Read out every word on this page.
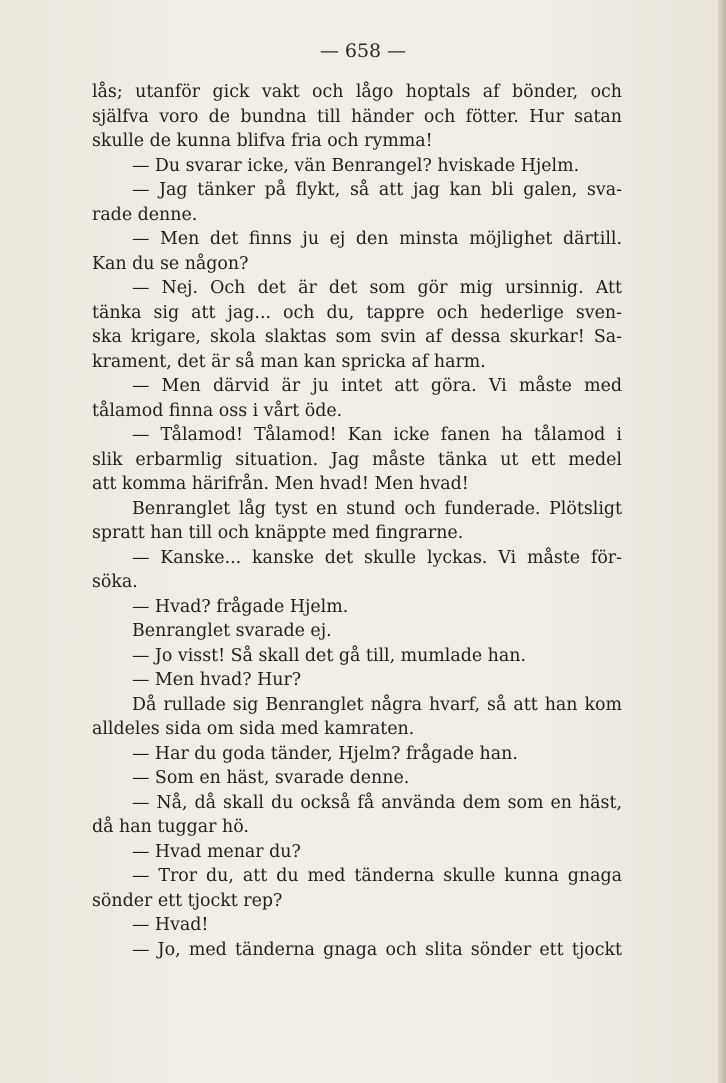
— 658 —
lås; utanför gick vakt och lågo hoptals af bönder, och
själfva voro de bundna till händer och fötter. Hur satan
skulle de kunna blifva fria och rymma!
— Du svarar icke, vän Benrangel? hviskade Hjelm.
— Jag tänker på flykt, så att jag kan bli galen, sva-
rade denne.
— Men det finns ju ej den minsta möjlighet därtill.
Kan du se någon?
— Nej. Och det är det som gör mig ursinnig. Att
tänka sig att jag... och du, tappre och hederlige sven-
ska krigare, skola slaktas som svin af dessa skurkar! Sa-
krament, det är så man kan spricka af harm.
— Men därvid är ju intet att göra. Vi måste med
tålamod finna oss i vårt öde.
— Tålamod! Tålamod! Kan icke fanen ha tålamod i
slik erbarmlig situation. Jag måste tänka ut ett medel
att komma härifrån. Men hvad! Men hvad!
Benranglet låg tyst en stund och funderade. Plötsligt
spratt han till och knäppte med fingrarne.
— Kanske... kanske det skulle lyckas. Vi måste för-
söka.
— Hvad? frågade Hjelm.
Benranglet svarade ej.
— Jo visst! Så skall det gå till, mumlade han.
— Men hvad? Hur?
Då rullade sig Benranglet några hvarf, så att han kom
alldeles sida om sida med kamraten.
— Har du goda tänder, Hjelm? frågade han.
— Som en häst, svarade denne.
— Nå, då skall du också få använda dem som en häst,
då han tuggar hö.
— Hvad menar du?
— Tror du, att du med tänderna skulle kunna gnaga
sönder ett tjockt rep?
— Hvad!
— Jo, med tänderna gnaga och slita sönder ett tjockt
